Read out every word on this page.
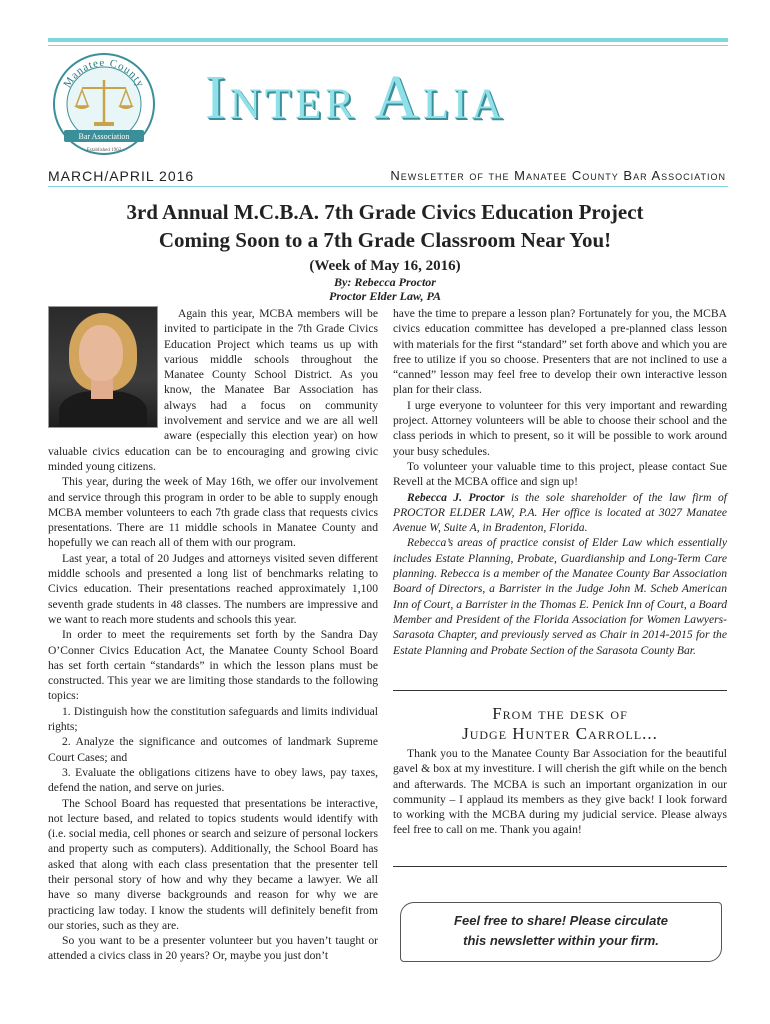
Manatee County
Bar Association
Established 1962
Inter Alia
MARCH/APRIL 2016	Newsletter of the Manatee County Bar Association
3rd Annual M.C.B.A. 7th Grade Civics Education Project
Coming Soon to a 7th Grade Classroom Near You!
(Week of May 16, 2016)
By: Rebecca Proctor
Proctor Elder Law, PA

Again this year, MCBA members will be invited to participate in the 7th Grade Civics Education Project which teams us up with various middle schools throughout the Manatee County School District. As you know, the Manatee Bar Association has always had a focus on community involvement and service and we are all well aware (especially this election year) on how valuable civics education can be to encouraging and growing civic minded young citizens.

This year, during the week of May 16th, we offer our involvement and service through this program in order to be able to supply enough MCBA member volunteers to each 7th grade class that requests civics presentations. There are 11 middle schools in Manatee County and hopefully we can reach all of them with our program.

Last year, a total of 20 Judges and attorneys visited seven different middle schools and presented a long list of benchmarks relating to Civics education. Their presentations reached approximately 1,100 seventh grade students in 48 classes. The numbers are impressive and we want to reach more students and schools this year.

In order to meet the requirements set forth by the Sandra Day O’Conner Civics Education Act, the Manatee County School Board has set forth certain “standards” in which the lesson plans must be constructed. This year we are limiting those standards to the following topics:

1. Distinguish how the constitution safeguards and limits individual rights;

2. Analyze the significance and outcomes of landmark Supreme Court Cases; and

3. Evaluate the obligations citizens have to obey laws, pay taxes, defend the nation, and serve on juries.

The School Board has requested that presentations be interactive, not lecture based, and related to topics students would identify with (i.e. social media, cell phones or search and seizure of personal lockers and property such as computers). Additionally, the School Board has asked that along with each class presentation that the presenter tell their personal story of how and why they became a lawyer. We all have so many diverse backgrounds and reason for why we are practicing law today. I know the students will definitely benefit from our stories, such as they are.

So you want to be a presenter volunteer but you haven’t taught or attended a civics class in 20 years? Or, maybe you just don’t

have the time to prepare a lesson plan? Fortunately for you, the MCBA civics education committee has developed a pre-planned class lesson with materials for the first “standard” set forth above and which you are free to utilize if you so choose. Presenters that are not inclined to use a “canned” lesson may feel free to develop their own interactive lesson plan for their class.

I urge everyone to volunteer for this very important and rewarding project. Attorney volunteers will be able to choose their school and the class periods in which to present, so it will be possible to work around your busy schedules.

To volunteer your valuable time to this project, please contact Sue Revell at the MCBA office and sign up!

Rebecca J. Proctor is the sole shareholder of the law firm of PROCTOR ELDER LAW, P.A. Her office is located at 3027 Manatee Avenue W, Suite A, in Bradenton, Florida.

Rebecca’s areas of practice consist of Elder Law which essentially includes Estate Planning, Probate, Guardianship and Long-Term Care planning. Rebecca is a member of the Manatee County Bar Association Board of Directors, a Barrister in the Judge John M. Scheb American Inn of Court, a Barrister in the Thomas E. Penick Inn of Court, a Board Member and President of the Florida Association for Women Lawyers- Sarasota Chapter, and previously served as Chair in 2014-2015 for the Estate Planning and Probate Section of the Sarasota County Bar.

From the desk of
Judge Hunter Carroll...

Thank you to the Manatee County Bar Association for the beautiful gavel & box at my investiture. I will cherish the gift while on the bench and afterwards. The MCBA is such an important organization in our community – I applaud its members as they give back! I look forward to working with the MCBA during my judicial service. Please always feel free to call on me. Thank you again!

Feel free to share! Please circulate
this newsletter within your firm.
